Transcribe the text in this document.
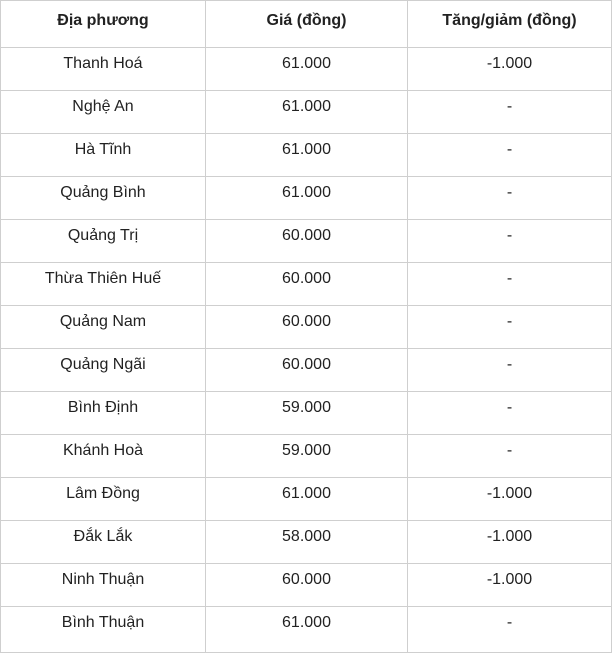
Địa phương	Giá (đồng)	Tăng/giảm (đồng)
Thanh Hoá	61.000	-1.000
Nghệ An	61.000	-
Hà Tĩnh	61.000	-
Quảng Bình	61.000	-
Quảng Trị	60.000	-
Thừa Thiên Huế	60.000	-
Quảng Nam	60.000	-
Quảng Ngãi	60.000	-
Bình Định	59.000	-
Khánh Hoà	59.000	-
Lâm Đồng	61.000	-1.000
Đắk Lắk	58.000	-1.000
Ninh Thuận	60.000	-1.000
Bình Thuận	61.000	-
